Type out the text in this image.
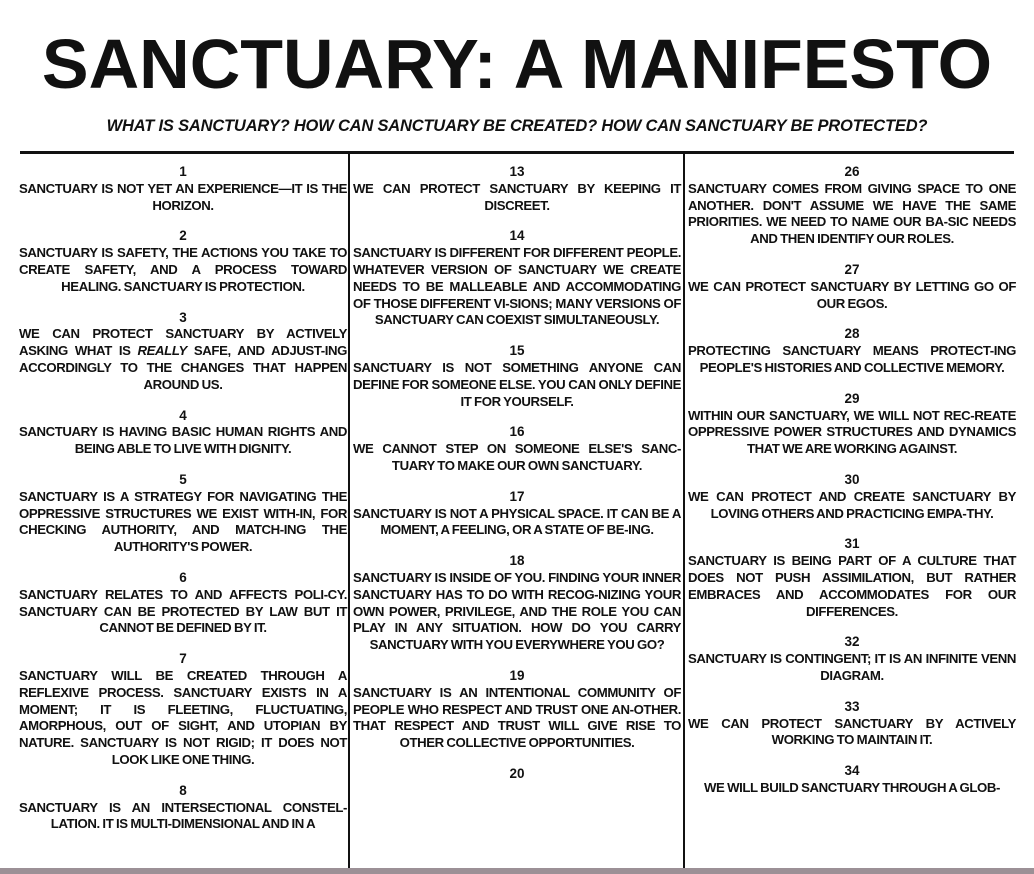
SANCTUARY: A MANIFESTO

WHAT IS SANCTUARY? HOW CAN SANCTUARY BE CREATED? HOW CAN SANCTUARY BE PROTECTED?

1
SANCTUARY IS NOT YET AN EXPERIENCE—IT IS THE HORIZON.
2
SANCTUARY IS SAFETY, THE ACTIONS YOU TAKE TO CREATE SAFETY, AND A PROCESS TOWARD HEALING. SANCTUARY IS PROTECTION.
3
WE CAN PROTECT SANCTUARY BY ACTIVELY ASKING WHAT IS REALLY SAFE, AND ADJUST-ING ACCORDINGLY TO THE CHANGES THAT HAPPEN AROUND US.
4
SANCTUARY IS HAVING BASIC HUMAN RIGHTS AND BEING ABLE TO LIVE WITH DIGNITY.
5
SANCTUARY IS A STRATEGY FOR NAVIGATING THE OPPRESSIVE STRUCTURES WE EXIST WITH-IN, FOR CHECKING AUTHORITY, AND MATCH-ING THE AUTHORITY'S POWER.
6
SANCTUARY RELATES TO AND AFFECTS POLI-CY. SANCTUARY CAN BE PROTECTED BY LAW BUT IT CANNOT BE DEFINED BY IT.
7
SANCTUARY WILL BE CREATED THROUGH A REFLEXIVE PROCESS. SANCTUARY EXISTS IN A MOMENT; IT IS FLEETING, FLUCTUATING, AMORPHOUS, OUT OF SIGHT, AND UTOPIAN BY NATURE. SANCTUARY IS NOT RIGID; IT DOES NOT LOOK LIKE ONE THING.
8
SANCTUARY IS AN INTERSECTIONAL CONSTEL-LATION. IT IS MULTI-DIMENSIONAL AND IN A
13
WE CAN PROTECT SANCTUARY BY KEEPING IT DISCREET.
14
SANCTUARY IS DIFFERENT FOR DIFFERENT PEOPLE. WHATEVER VERSION OF SANCTUARY WE CREATE NEEDS TO BE MALLEABLE AND ACCOMMODATING OF THOSE DIFFERENT VI-SIONS; MANY VERSIONS OF SANCTUARY CAN COEXIST SIMULTANEOUSLY.
15
SANCTUARY IS NOT SOMETHING ANYONE CAN DEFINE FOR SOMEONE ELSE. YOU CAN ONLY DEFINE IT FOR YOURSELF.
16
WE CANNOT STEP ON SOMEONE ELSE'S SANC-TUARY TO MAKE OUR OWN SANCTUARY.
17
SANCTUARY IS NOT A PHYSICAL SPACE. IT CAN BE A MOMENT, A FEELING, OR A STATE OF BE-ING.
18
SANCTUARY IS INSIDE OF YOU. FINDING YOUR INNER SANCTUARY HAS TO DO WITH RECOG-NIZING YOUR OWN POWER, PRIVILEGE, AND THE ROLE YOU CAN PLAY IN ANY SITUATION. HOW DO YOU CARRY SANCTUARY WITH YOU EVERYWHERE YOU GO?
19
SANCTUARY IS AN INTENTIONAL COMMUNITY OF PEOPLE WHO RESPECT AND TRUST ONE AN-OTHER. THAT RESPECT AND TRUST WILL GIVE RISE TO OTHER COLLECTIVE OPPORTUNITIES.
20
26
SANCTUARY COMES FROM GIVING SPACE TO ONE ANOTHER. DON'T ASSUME WE HAVE THE SAME PRIORITIES. WE NEED TO NAME OUR BA-SIC NEEDS AND THEN IDENTIFY OUR ROLES.
27
WE CAN PROTECT SANCTUARY BY LETTING GO OF OUR EGOS.
28
PROTECTING SANCTUARY MEANS PROTECT-ING PEOPLE'S HISTORIES AND COLLECTIVE MEMORY.
29
WITHIN OUR SANCTUARY, WE WILL NOT REC-REATE OPPRESSIVE POWER STRUCTURES AND DYNAMICS THAT WE ARE WORKING AGAINST.
30
WE CAN PROTECT AND CREATE SANCTUARY BY LOVING OTHERS AND PRACTICING EMPA-THY.
31
SANCTUARY IS BEING PART OF A CULTURE THAT DOES NOT PUSH ASSIMILATION, BUT RATHER EMBRACES AND ACCOMMODATES FOR OUR DIFFERENCES.
32
SANCTUARY IS CONTINGENT; IT IS AN INFINITE VENN DIAGRAM.
33
WE CAN PROTECT SANCTUARY BY ACTIVELY WORKING TO MAINTAIN IT.
34
WE WILL BUILD SANCTUARY THROUGH A GLOB-
